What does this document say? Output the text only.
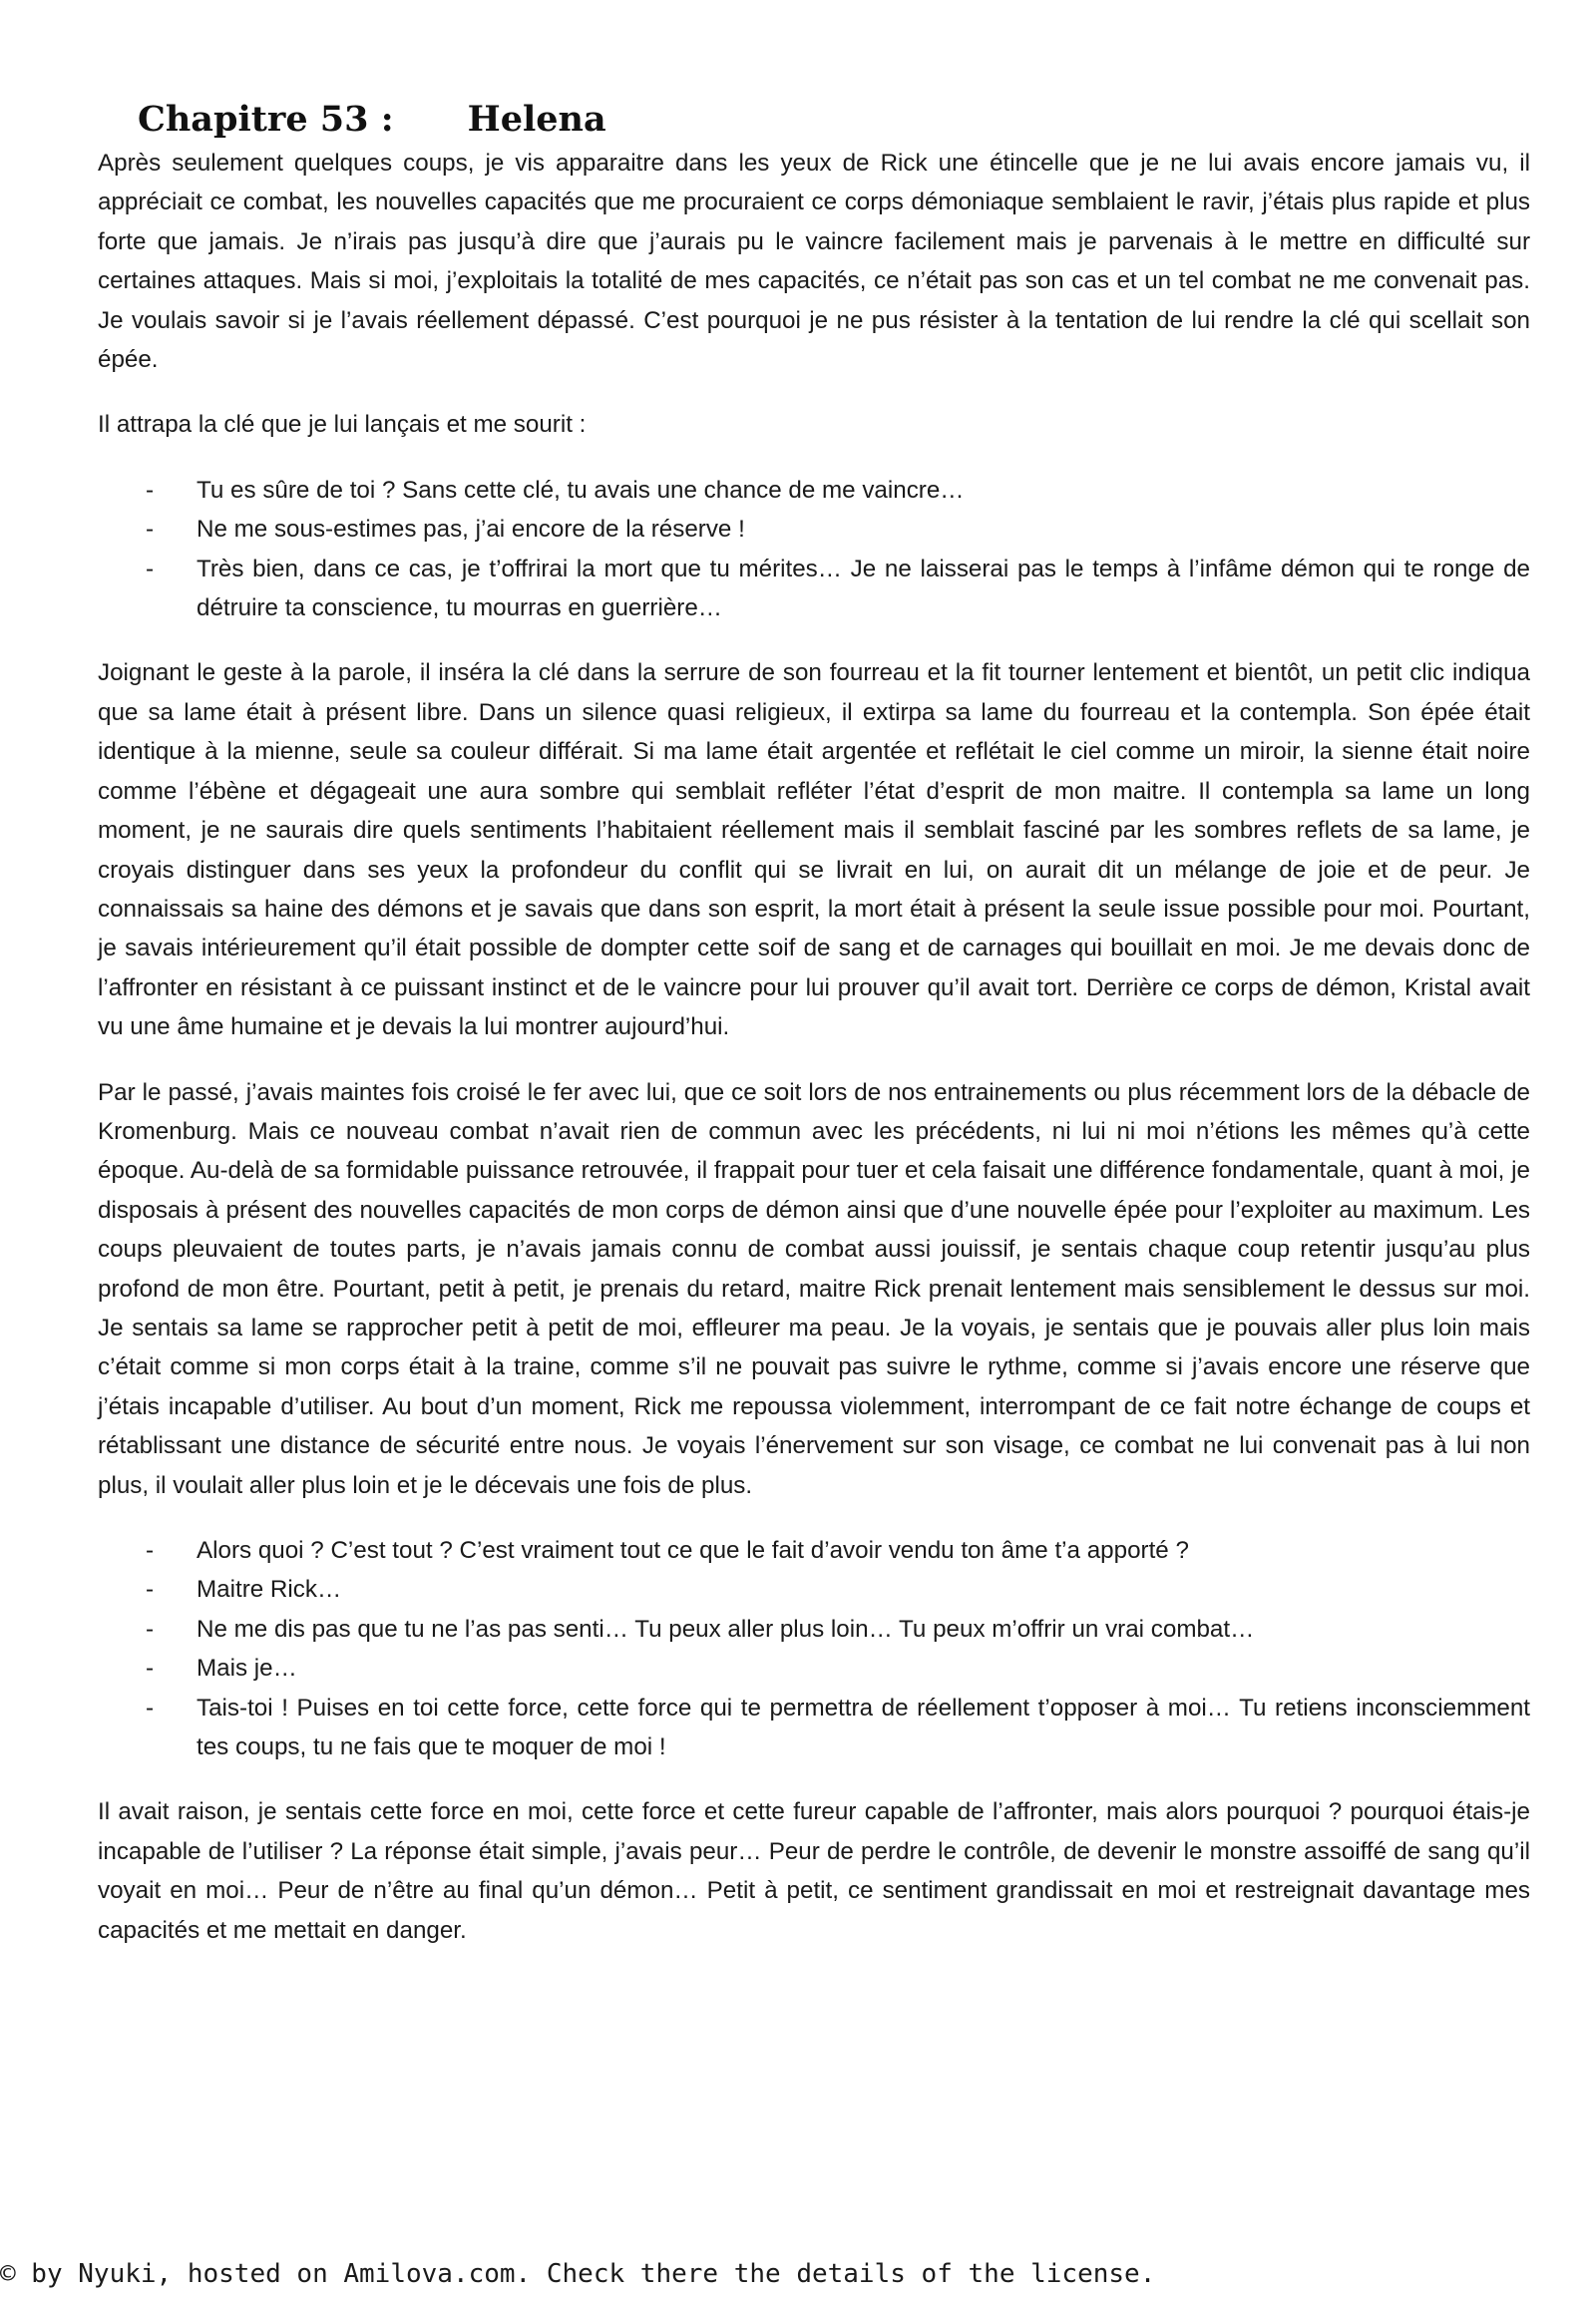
Chapitre 53 : Helena

Après seulement quelques coups, je vis apparaitre dans les yeux de Rick une étincelle que je ne lui avais encore jamais vu, il appréciait ce combat, les nouvelles capacités que me procuraient ce corps démoniaque semblaient le ravir, j’étais plus rapide et plus forte que jamais. Je n’irais pas jusqu’à dire que j’aurais pu le vaincre facilement mais je parvenais à le mettre en difficulté sur certaines attaques. Mais si moi, j’exploitais la totalité de mes capacités, ce n’était pas son cas et un tel combat ne me convenait pas. Je voulais savoir si je l’avais réellement dépassé. C’est pourquoi je ne pus résister à la tentation de lui rendre la clé qui scellait son épée.

Il attrapa la clé que je lui lançais et me sourit :

- Tu es sûre de toi ? Sans cette clé, tu avais une chance de me vaincre…
- Ne me sous-estimes pas, j’ai encore de la réserve !
- Très bien, dans ce cas, je t’offrirai la mort que tu mérites… Je ne laisserai pas le temps à l’infâme démon qui te ronge de détruire ta conscience, tu mourras en guerrière…

Joignant le geste à la parole, il inséra la clé dans la serrure de son fourreau et la fit tourner lentement et bientôt, un petit clic indiqua que sa lame était à présent libre. Dans un silence quasi religieux, il extirpa sa lame du fourreau et la contempla. Son épée était identique à la mienne, seule sa couleur différait. Si ma lame était argentée et reflétait le ciel comme un miroir, la sienne était noire comme l’ébène et dégageait une aura sombre qui semblait refléter l’état d’esprit de mon maitre. Il contempla sa lame un long moment, je ne saurais dire quels sentiments l’habitaient réellement mais il semblait fasciné par les sombres reflets de sa lame, je croyais distinguer dans ses yeux la profondeur du conflit qui se livrait en lui, on aurait dit un mélange de joie et de peur. Je connaissais sa haine des démons et je savais que dans son esprit, la mort était à présent la seule issue possible pour moi. Pourtant, je savais intérieurement qu’il était possible de dompter cette soif de sang et de carnages qui bouillait en moi. Je me devais donc de l’affronter en résistant à ce puissant instinct et de le vaincre pour lui prouver qu’il avait tort. Derrière ce corps de démon, Kristal avait vu une âme humaine et je devais la lui montrer aujourd’hui.

Par le passé, j’avais maintes fois croisé le fer avec lui, que ce soit lors de nos entrainements ou plus récemment lors de la débacle de Kromenburg. Mais ce nouveau combat n’avait rien de commun avec les précédents, ni lui ni moi n’étions les mêmes qu’à cette époque. Au-delà de sa formidable puissance retrouvée, il frappait pour tuer et cela faisait une différence fondamentale, quant à moi, je disposais à présent des nouvelles capacités de mon corps de démon ainsi que d’une nouvelle épée pour l’exploiter au maximum. Les coups pleuvaient de toutes parts, je n’avais jamais connu de combat aussi jouissif, je sentais chaque coup retentir jusqu’au plus profond de mon être. Pourtant, petit à petit, je prenais du retard, maitre Rick prenait lentement mais sensiblement le dessus sur moi. Je sentais sa lame se rapprocher petit à petit de moi, effleurer ma peau. Je la voyais, je sentais que je pouvais aller plus loin mais c’était comme si mon corps était à la traine, comme s’il ne pouvait pas suivre le rythme, comme si j’avais encore une réserve que j’étais incapable d’utiliser. Au bout d’un moment, Rick me repoussa violemment, interrompant de ce fait notre échange de coups et rétablissant une distance de sécurité entre nous. Je voyais l’énervement sur son visage, ce combat ne lui convenait pas à lui non plus, il voulait aller plus loin et je le décevais une fois de plus.

- Alors quoi ? C’est tout ? C’est vraiment tout ce que le fait d’avoir vendu ton âme t’a apporté ?
- Maitre Rick…
- Ne me dis pas que tu ne l’as pas senti… Tu peux aller plus loin… Tu peux m’offrir un vrai combat…
- Mais je…
- Tais-toi ! Puises en toi cette force, cette force qui te permettra de réellement t’opposer à moi… Tu retiens inconsciemment tes coups, tu ne fais que te moquer de moi !

Il avait raison, je sentais cette force en moi, cette force et cette fureur capable de l’affronter, mais alors pourquoi ? pourquoi étais-je incapable de l’utiliser ? La réponse était simple, j’avais peur… Peur de perdre le contrôle, de devenir le monstre assoiffé de sang qu’il voyait en moi… Peur de n’être au final qu’un démon… Petit à petit, ce sentiment grandissait en moi et restreignait davantage mes capacités et me mettait en danger.

© by Nyuki, hosted on Amilova.com. Check there the details of the license.
